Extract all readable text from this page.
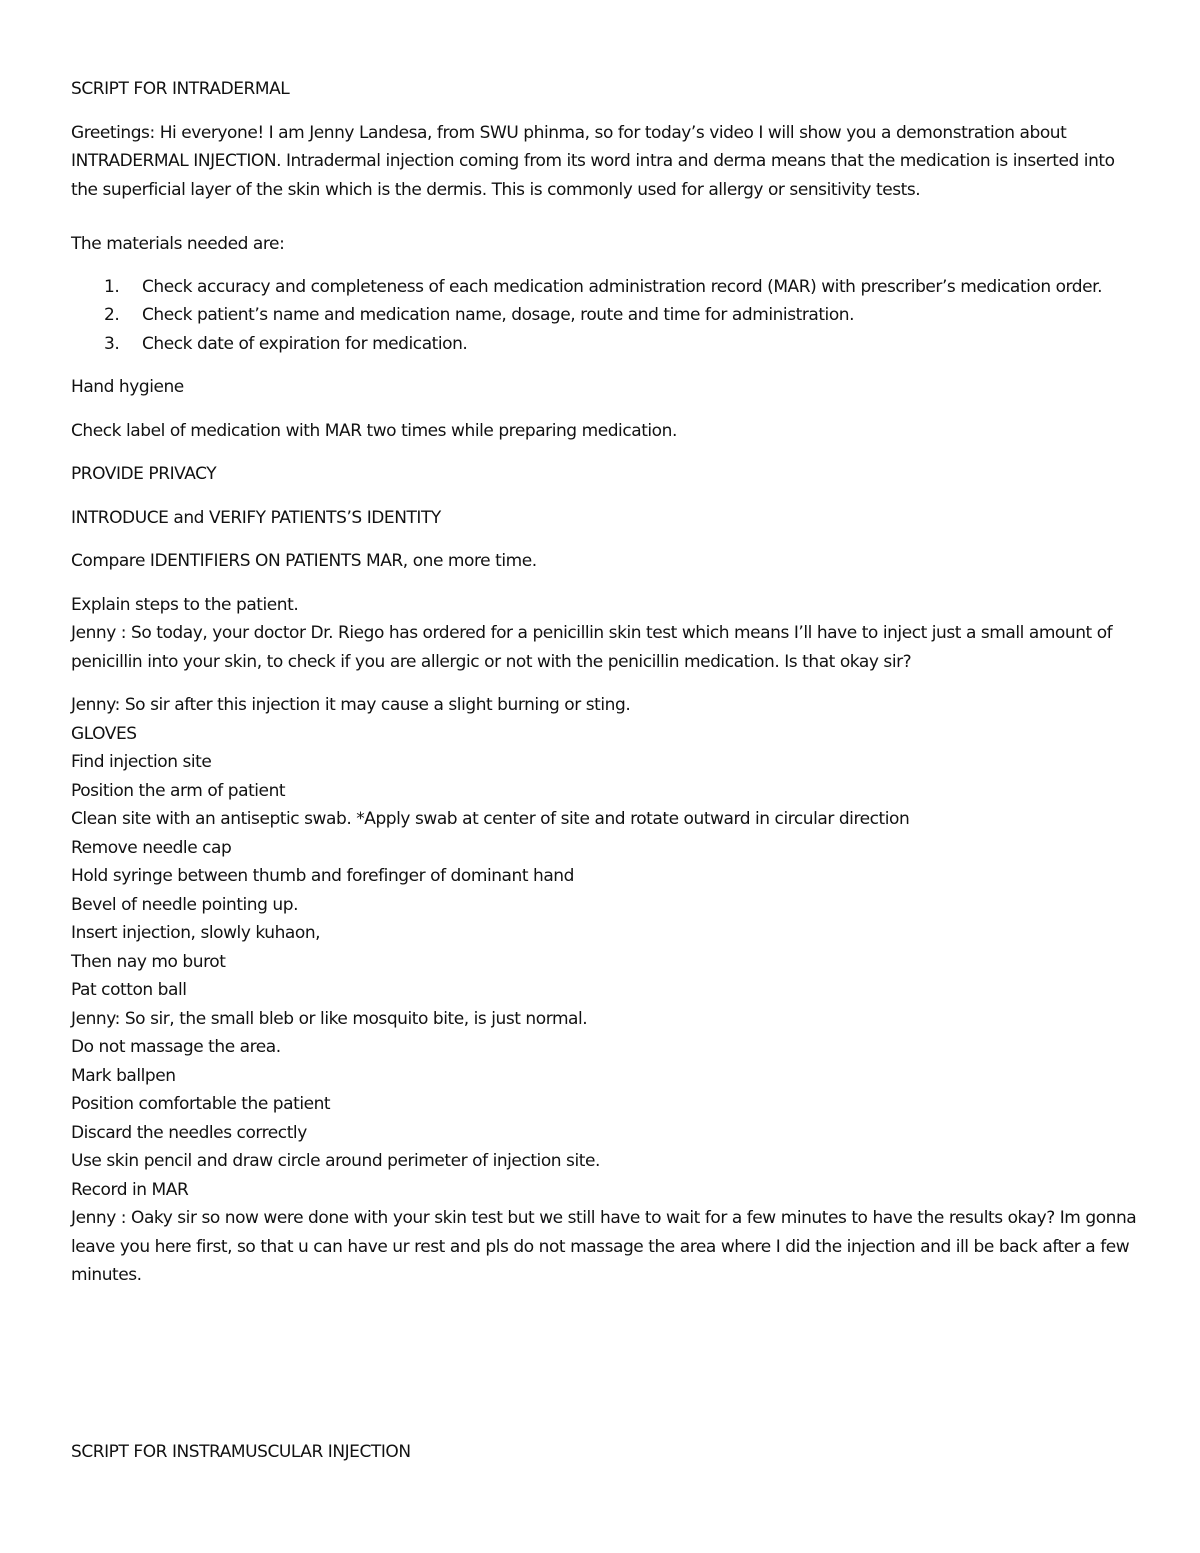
SCRIPT FOR INTRADERMAL

Greetings: Hi everyone! I am Jenny Landesa, from SWU phinma, so for today’s video I will show you a demonstration about INTRADERMAL INJECTION. Intradermal injection coming from its word intra and derma means that the medication is inserted into the superficial layer of the skin which is the dermis. This is commonly used for allergy or sensitivity tests.

The materials needed are:

1. Check accuracy and completeness of each medication administration record (MAR) with prescriber’s medication order.
2. Check patient’s name and medication name, dosage, route and time for administration.
3. Check date of expiration for medication.

Hand hygiene

Check label of medication with MAR two times while preparing medication.

PROVIDE PRIVACY

INTRODUCE and VERIFY PATIENTS’S IDENTITY

Compare IDENTIFIERS ON PATIENTS MAR, one more time.

Explain steps to the patient.

Jenny : So today, your doctor Dr. Riego has ordered for a penicillin skin test which means I’ll have to inject just a small amount of penicillin into your skin, to check if you are allergic or not with the penicillin medication. Is that okay sir?

Jenny: So sir after this injection it may cause a slight burning or sting.

GLOVES

Find injection site

Position the arm of patient

Clean site with an antiseptic swab. *Apply swab at center of site and rotate outward in circular direction

Remove needle cap

Hold syringe between thumb and forefinger of dominant hand

Bevel of needle pointing up.

Insert injection, slowly kuhaon,

Then nay mo burot

Pat cotton ball

Jenny: So sir, the small bleb or like mosquito bite, is just normal.

Do not massage the area.

Mark ballpen

Position comfortable the patient

Discard the needles correctly

Use skin pencil and draw circle around perimeter of injection site.

Record in MAR

Jenny : Oaky sir so now were done with your skin test but we still have to wait for a few minutes to have the results okay? Im gonna leave you here first, so that u can have ur rest and pls do not massage the area where I did the injection and ill be back after a few minutes.

SCRIPT FOR INSTRAMUSCULAR INJECTION
